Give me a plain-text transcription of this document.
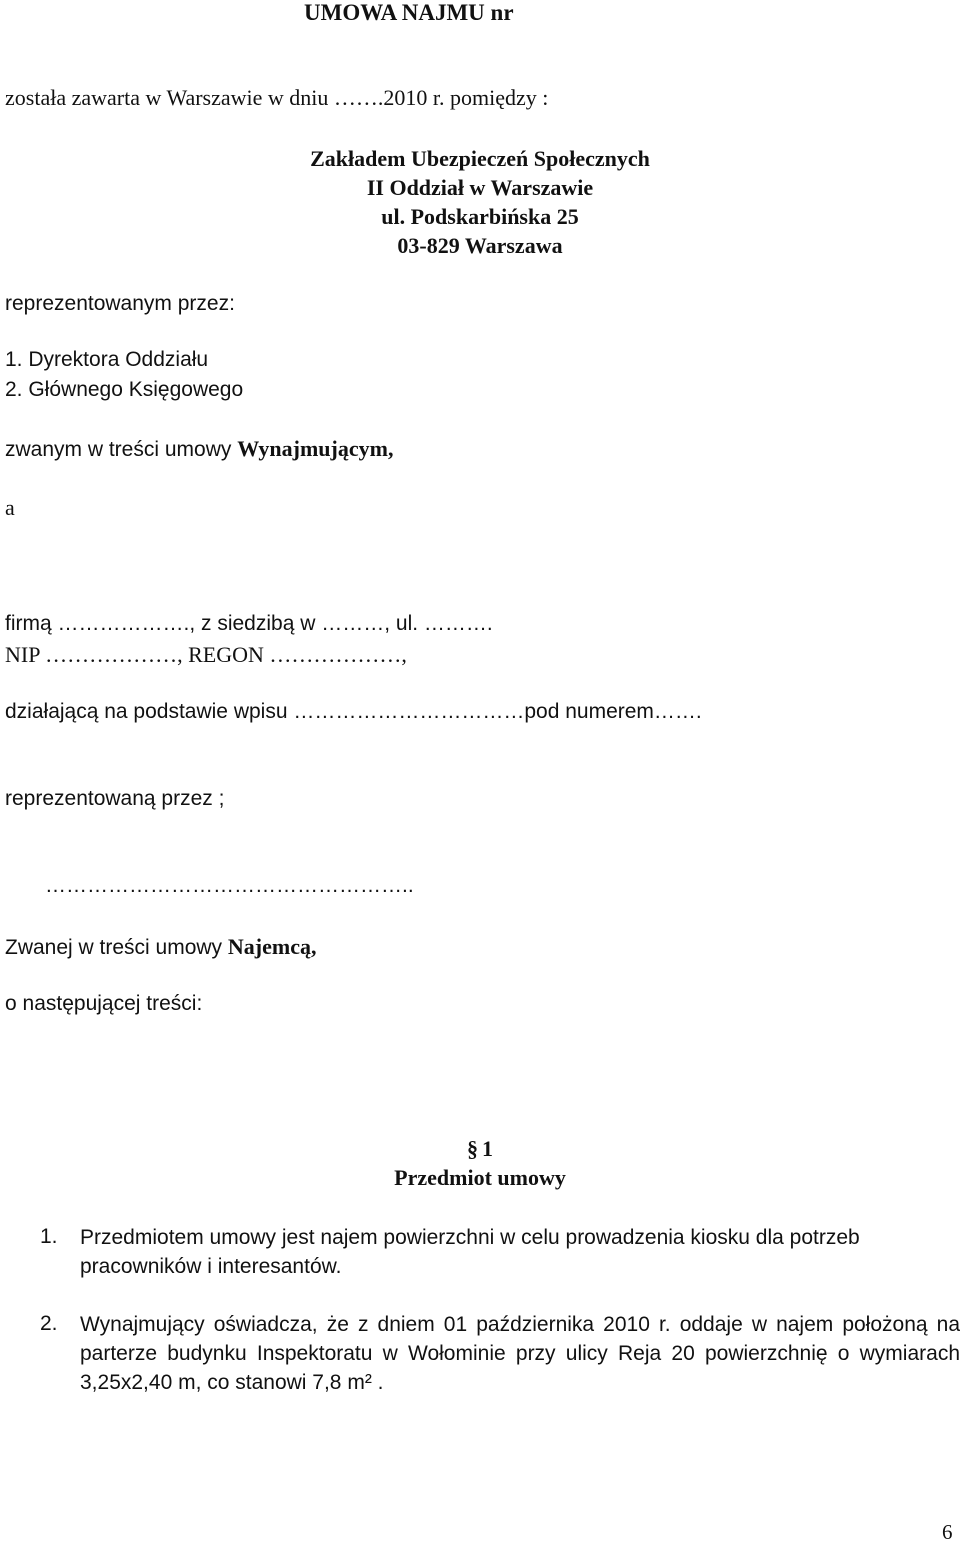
UMOWA NAJMU nr
została zawarta w Warszawie w dniu …….2010 r. pomiędzy :
Zakładem Ubezpieczeń Społecznych
II Oddział w Warszawie
ul. Podskarbińska 25
03-829 Warszawa
reprezentowanym przez:
1. Dyrektora Oddziału
2. Głównego Księgowego
zwanym w treści umowy Wynajmującym,
a
firmą ………………., z siedzibą w ………, ul. ……….
NIP ………………, REGON ………………,
działającą na podstawie wpisu ……………………………pod numerem…….
reprezentowaną przez ;
……………………………………………..
Zwanej w treści umowy Najemcą,
o następującej treści:
§ 1
Przedmiot umowy
1. Przedmiotem umowy jest najem powierzchni w celu prowadzenia kiosku dla potrzeb pracowników i interesantów.
2. Wynajmujący oświadcza, że z dniem 01 października 2010 r. oddaje w najem położoną na parterze budynku Inspektoratu w Wołominie przy ulicy Reja 20 powierzchnię o wymiarach 3,25x2,40 m, co stanowi 7,8 m² .
6
